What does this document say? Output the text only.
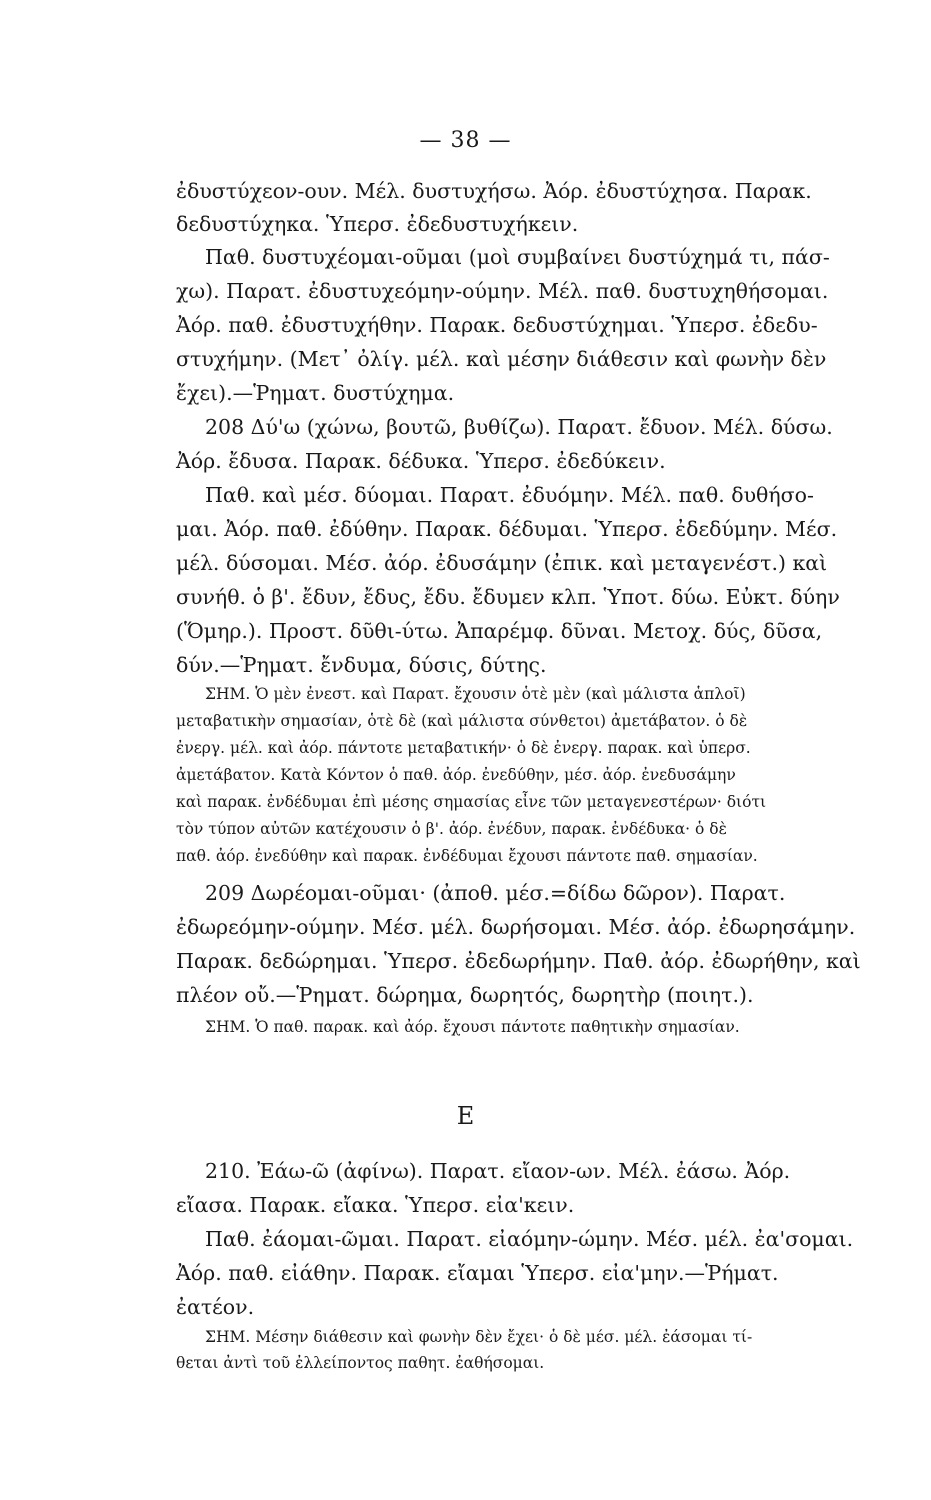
— 38 —
ἐδυστύχεον-ουν. Μέλ. δυστυχήσω. Ἀόρ. ἐδυστύχησα. Παρακ.
δεδυστύχηκα. Ὑπερσ. ἐδεδυστυχήκειν.
Παθ. δυστυχέομαι-οῦμαι (μοὶ συμβαίνει δυστύχημά τι, πάσ-
χω). Παρατ. ἐδυστυχεόμην-ούμην. Μέλ. παθ. δυστυχηθήσομαι.
Ἀόρ. παθ. ἐδυστυχήθην. Παρακ. δεδυστύχημαι. Ὑπερσ. ἐδεδυ-
στυχήμην. (Μετ᾿ ὀλίγ. μέλ. καὶ μέσην διάθεσιν καὶ φωνὴν δὲν
ἔχει).—Ῥηματ. δυστύχημα.
208 Δύ'ω (χώνω, βουτῶ, βυθίζω). Παρατ. ἔδυον. Μέλ. δύσω.
Ἀόρ. ἔδυσα. Παρακ. δέδυκα. Ὑπερσ. ἐδεδύκειν.
Παθ. καὶ μέσ. δύομαι. Παρατ. ἐδυόμην. Μέλ. παθ. δυθήσο-
μαι. Ἀόρ. παθ. ἐδύθην. Παρακ. δέδυμαι. Ὑπερσ. ἐδεδύμην. Μέσ.
μέλ. δύσομαι. Μέσ. ἀόρ. ἐδυσάμην (ἐπικ. καὶ μεταγενέστ.) καὶ
συνήθ. ὁ β'. ἔδυν, ἔδυς, ἔδυ. ἔδυμεν κλπ. Ὑποτ. δύω. Εὐκτ. δύην
(Ὅμηρ.). Προστ. δῦθι-ύτω. Ἀπαρέμφ. δῦναι. Μετοχ. δύς, δῦσα,
δύν.—Ῥηματ. ἔνδυμα, δύσις, δύτης.
ΣΗΜ. Ὁ μὲν ἐνεστ. καὶ Παρατ. ἔχουσιν ὁτὲ μὲν (καὶ μάλιστα ἁπλοῖ)
μεταβατικὴν σημασίαν, ὁτὲ δὲ (καὶ μάλιστα σύνθετοι) ἀμετάβατον. ὁ δὲ
ἐνεργ. μέλ. καὶ ἀόρ. πάντοτε μεταβατικήν· ὁ δὲ ἐνεργ. παρακ. καὶ ὑπερσ.
ἀμετάβατον. Κατὰ Κόντον ὁ παθ. ἀόρ. ἐνεδύθην, μέσ. ἀόρ. ἐνεδυσάμην
καὶ παρακ. ἐνδέδυμαι ἐπὶ μέσης σημασίας εἶνε τῶν μεταγενεστέρων· διότι
τὸν τύπον αὐτῶν κατέχουσιν ὁ β'. ἀόρ. ἐνέδυν, παρακ. ἐνδέδυκα· ὁ δὲ
παθ. ἀόρ. ἐνεδύθην καὶ παρακ. ἐνδέδυμαι ἔχουσι πάντοτε παθ. σημασίαν.
209 Δωρέομαι-οῦμαι· (ἀποθ. μέσ.=δίδω δῶρον). Παρατ.
ἐδωρεόμην-ούμην. Μέσ. μέλ. δωρήσομαι. Μέσ. ἀόρ. ἐδωρησάμην.
Παρακ. δεδώρημαι. Ὑπερσ. ἐδεδωρήμην. Παθ. ἀόρ. ἐδωρήθην, καὶ
πλέον οὔ.—Ῥηματ. δώρημα, δωρητός, δωρητὴρ (ποιητ.).
ΣΗΜ. Ὁ παθ. παρακ. καὶ ἀόρ. ἔχουσι πάντοτε παθητικὴν σημασίαν.
Ε
210. Ἐάω-ῶ (ἀφίνω). Παρατ. εἴαον-ων. Μέλ. ἐάσω. Ἀόρ.
εἴασα. Παρακ. εἴακα. Ὑπερσ. εἰα'κειν.
Παθ. ἐάομαι-ῶμαι. Παρατ. εἰαόμην-ώμην. Μέσ. μέλ. ἐα'σομαι.
Ἀόρ. παθ. εἰάθην. Παρακ. εἴαμαι Ὑπερσ. εἰα'μην.—Ῥήματ.
ἐατέον.
ΣΗΜ. Μέσην διάθεσιν καὶ φωνὴν δὲν ἔχει· ὁ δὲ μέσ. μέλ. ἐάσομαι τί-
θεται ἀντὶ τοῦ ἐλλείποντος παθητ. ἐαθήσομαι.
